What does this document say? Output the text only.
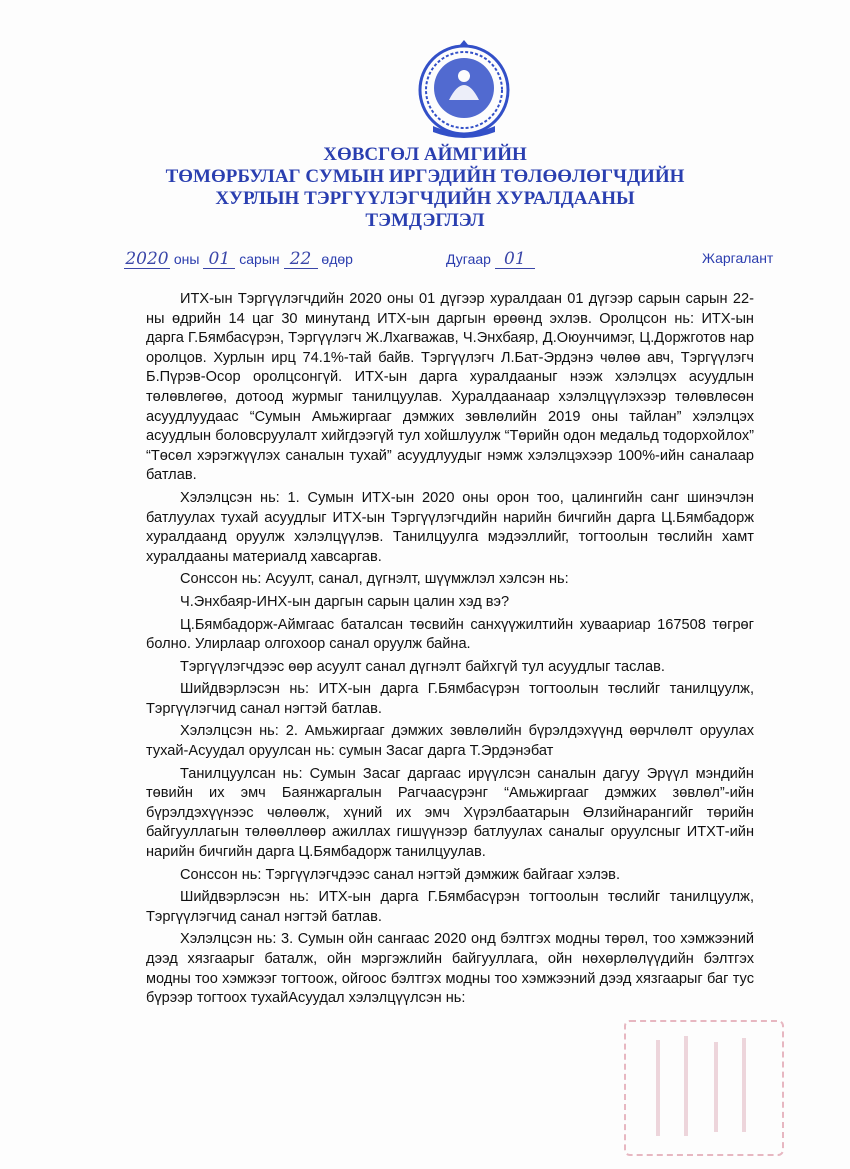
ХӨВСГӨЛ АЙМГИЙН
ТӨМӨРБУЛАГ СУМЫН ИРГЭДИЙН ТӨЛӨӨЛӨГЧДИЙН
ХУРЛЫН ТЭРГҮҮЛЭГЧДИЙН ХУРАЛДААНЫ
ТЭМДЭГЛЭЛ
2020 оны 01 сарын 22 өдөр	Дугаар 01	Жаргалант

ИТХ-ын Тэргүүлэгчдийн 2020 оны 01 дүгээр хуралдаан 01 дүгээр сарын сарын 22-ны өдрийн 14 цаг 30 минутанд ИТХ-ын даргын өрөөнд эхлэв. Оролцсон нь: ИТХ-ын дарга Г.Бямбасүрэн, Тэргүүлэгч Ж.Лхагважав, Ч.Энхбаяр, Д.Оюунчимэг, Ц.Доржготов нар оролцов. Хурлын ирц 74.1%-тай байв. Тэргүүлэгч Л.Бат-Эрдэнэ чөлөө авч, Тэргүүлэгч Б.Пүрэв-Осор оролцсонгүй. ИТХ-ын дарга хуралдааныг нээж хэлэлцэх асуудлын төлөвлөгөө, дотоод журмыг танилцуулав. Хуралдаанаар хэлэлцүүлэхээр төлөвлөсөн асуудлуудаас “Сумын Амьжиргааг дэмжих зөвлөлийн 2019 оны тайлан” хэлэлцэх асуудлын боловсруулалт хийгдээгүй тул хойшлуулж “Төрийн одон медальд тодорхойлох” “Төсөл хэрэгжүүлэх саналын тухай” асуудлуудыг нэмж хэлэлцэхээр 100%-ийн саналаар батлав.

Хэлэлцсэн нь: 1. Сумын ИТХ-ын 2020 оны орон тоо, цалингийн санг шинэчлэн батлуулах тухай асуудлыг ИТХ-ын Тэргүүлэгчдийн нарийн бичгийн дарга Ц.Бямбадорж хуралдаанд оруулж хэлэлцүүлэв. Танилцуулга мэдээллийг, тогтоолын төслийн хамт хуралдааны материалд хавсаргав.

Сонссон нь: Асуулт, санал, дүгнэлт, шүүмжлэл хэлсэн нь:

Ч.Энхбаяр-ИНХ-ын даргын сарын цалин хэд вэ?

Ц.Бямбадорж-Аймгаас баталсан төсвийн санхүүжилтийн хуваариар 167508 төгрөг болно. Улирлаар олгохоор санал оруулж байна.

Тэргүүлэгчдээс өөр асуулт санал дүгнэлт байхгүй тул асуудлыг таслав.

Шийдвэрлэсэн нь: ИТХ-ын дарга Г.Бямбасүрэн тогтоолын төслийг танилцуулж, Тэргүүлэгчид санал нэгтэй батлав.

Хэлэлцсэн нь: 2. Амьжиргааг дэмжих зөвлөлийн бүрэлдэхүүнд өөрчлөлт оруулах тухай-Асуудал оруулсан нь: сумын Засаг дарга Т.Эрдэнэбат

Танилцуулсан нь: Сумын Засаг даргаас ирүүлсэн саналын дагуу Эрүүл мэндийн төвийн их эмч Баянжаргалын Рагчаасүрэнг “Амьжиргааг дэмжих зөвлөл”-ийн бүрэлдэхүүнээс чөлөөлж, хүний их эмч Хүрэлбаатарын Өлзийнарангийг төрийн байгууллагын төлөөллөөр ажиллах гишүүнээр батлуулах саналыг оруулсныг ИТХТ-ийн нарийн бичгийн дарга Ц.Бямбадорж танилцуулав.

Сонссон нь: Тэргүүлэгчдээс санал нэгтэй дэмжиж байгааг хэлэв.

Шийдвэрлэсэн нь: ИТХ-ын дарга Г.Бямбасүрэн тогтоолын төслийг танилцуулж, Тэргүүлэгчид санал нэгтэй батлав.

Хэлэлцсэн нь: 3. Сумын ойн сангаас 2020 онд бэлтгэх модны төрөл, тоо хэмжээний дээд хязгаарыг баталж, ойн мэргэжлийн байгууллага, ойн нөхөрлөлүүдийн бэлтгэх модны тоо хэмжээг тогтоож, ойгоос бэлтгэх модны тоо хэмжээний дээд хязгаарыг баг тус бүрээр тогтоох тухайАсуудал хэлэлцүүлсэн нь:
